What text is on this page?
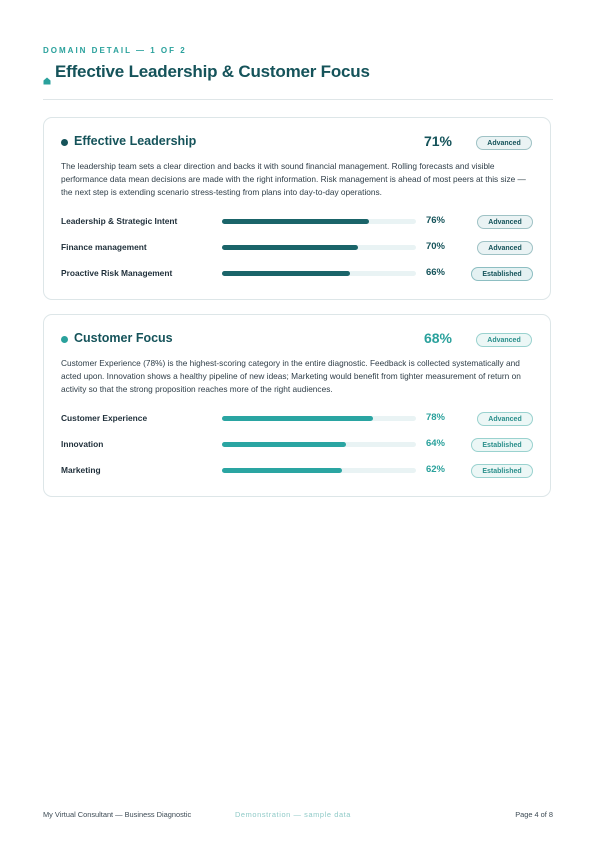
DOMAIN DETAIL — 1 OF 2
Effective Leadership & Customer Focus
Effective Leadership	71%	Advanced
The leadership team sets a clear direction and backs it with sound financial management. Rolling forecasts and visible performance data mean decisions are made with the right information. Risk management is ahead of most peers at this size — the next step is extending scenario stress-testing from plans into day-to-day operations.
Leadership & Strategic Intent	76%	Advanced
Finance management	70%	Advanced
Proactive Risk Management	66%	Established
Customer Focus	68%	Advanced
Customer Experience (78%) is the highest-scoring category in the entire diagnostic. Feedback is collected systematically and acted upon. Innovation shows a healthy pipeline of new ideas; Marketing would benefit from tighter measurement of return on activity so that the strong proposition reaches more of the right audiences.
Customer Experience	78%	Advanced
Innovation	64%	Established
Marketing	62%	Established
My Virtual Consultant — Business Diagnostic	Demonstration — sample data	Page 4 of 8
